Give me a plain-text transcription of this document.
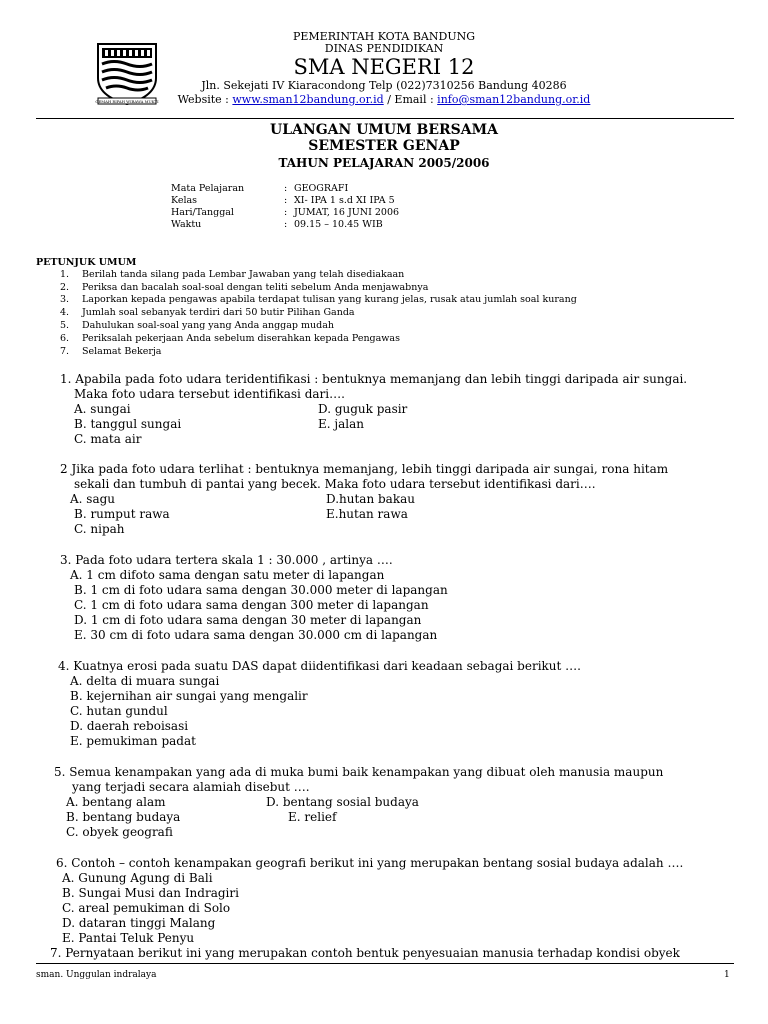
GEMAH RIPAH WIBAWA MUKTI
PEMERINTAH KOTA BANDUNG
DINAS PENDIDIKAN
SMA NEGERI 12
Jln. Sekejati IV Kiaracondong Telp (022)7310256 Bandung 40286
Website : www.sman12bandung.or.id / Email : info@sman12bandung.or.id
ULANGAN UMUM BERSAMA
SEMESTER GENAP
TAHUN PELAJARAN 2005/2006
Mata Pelajaran	: GEOGRAFI
Kelas	: XI- IPA 1 s.d XI IPA 5
Hari/Tanggal	: JUMAT, 16 JUNI 2006
Waktu	: 09.15 – 10.45 WIB
PETUNJUK UMUM
1. Berilah tanda silang pada Lembar Jawaban yang telah disediakaan
2. Periksa dan bacalah soal-soal dengan teliti sebelum Anda menjawabnya
3. Laporkan kepada pengawas apabila terdapat tulisan yang kurang jelas, rusak atau jumlah soal kurang
4. Jumlah soal sebanyak terdiri dari 50 butir Pilihan Ganda
5. Dahulukan soal-soal yang yang Anda anggap mudah
6. Periksalah pekerjaan Anda sebelum diserahkan kepada Pengawas
7. Selamat Bekerja
1. Apabila pada foto udara teridentifikasi : bentuknya memanjang dan lebih tinggi daripada air sungai.
Maka foto udara tersebut identifikasi dari….
A. sungai	D. guguk pasir
B. tanggul sungai	E. jalan
C. mata air
2 Jika pada foto udara terlihat : bentuknya memanjang, lebih tinggi daripada air sungai, rona hitam
sekali dan tumbuh di pantai yang becek. Maka foto udara tersebut identifikasi dari….
A. sagu	D.hutan bakau
B. rumput rawa	E.hutan rawa
C. nipah
3. Pada foto udara tertera skala 1 : 30.000 , artinya ….
A. 1 cm difoto sama dengan satu meter di lapangan
B. 1 cm di foto udara sama dengan 30.000 meter di lapangan
C. 1 cm di foto udara sama dengan 300 meter di lapangan
D. 1 cm di foto udara sama dengan 30 meter di lapangan
E. 30 cm di foto udara sama dengan 30.000 cm di lapangan
4. Kuatnya erosi pada suatu DAS dapat diidentifikasi dari keadaan sebagai berikut ….
A. delta di muara sungai
B. kejernihan air sungai yang mengalir
C. hutan gundul
D. daerah reboisasi
E. pemukiman padat
5. Semua kenampakan yang ada di muka bumi baik kenampakan yang dibuat oleh manusia maupun
yang terjadi secara alamiah disebut ….
A. bentang alam	D. bentang sosial budaya
B. bentang budaya	E. relief
C. obyek geografi
6. Contoh – contoh kenampakan geografi berikut ini yang merupakan bentang sosial budaya adalah ….
A. Gunung Agung di Bali
B. Sungai Musi dan Indragiri
C. areal pemukiman di Solo
D. dataran tinggi Malang
E. Pantai Teluk Penyu
7. Pernyataan berikut ini yang merupakan contoh bentuk penyesuaian manusia terhadap kondisi obyek
sman. Unggulan indralaya	1
